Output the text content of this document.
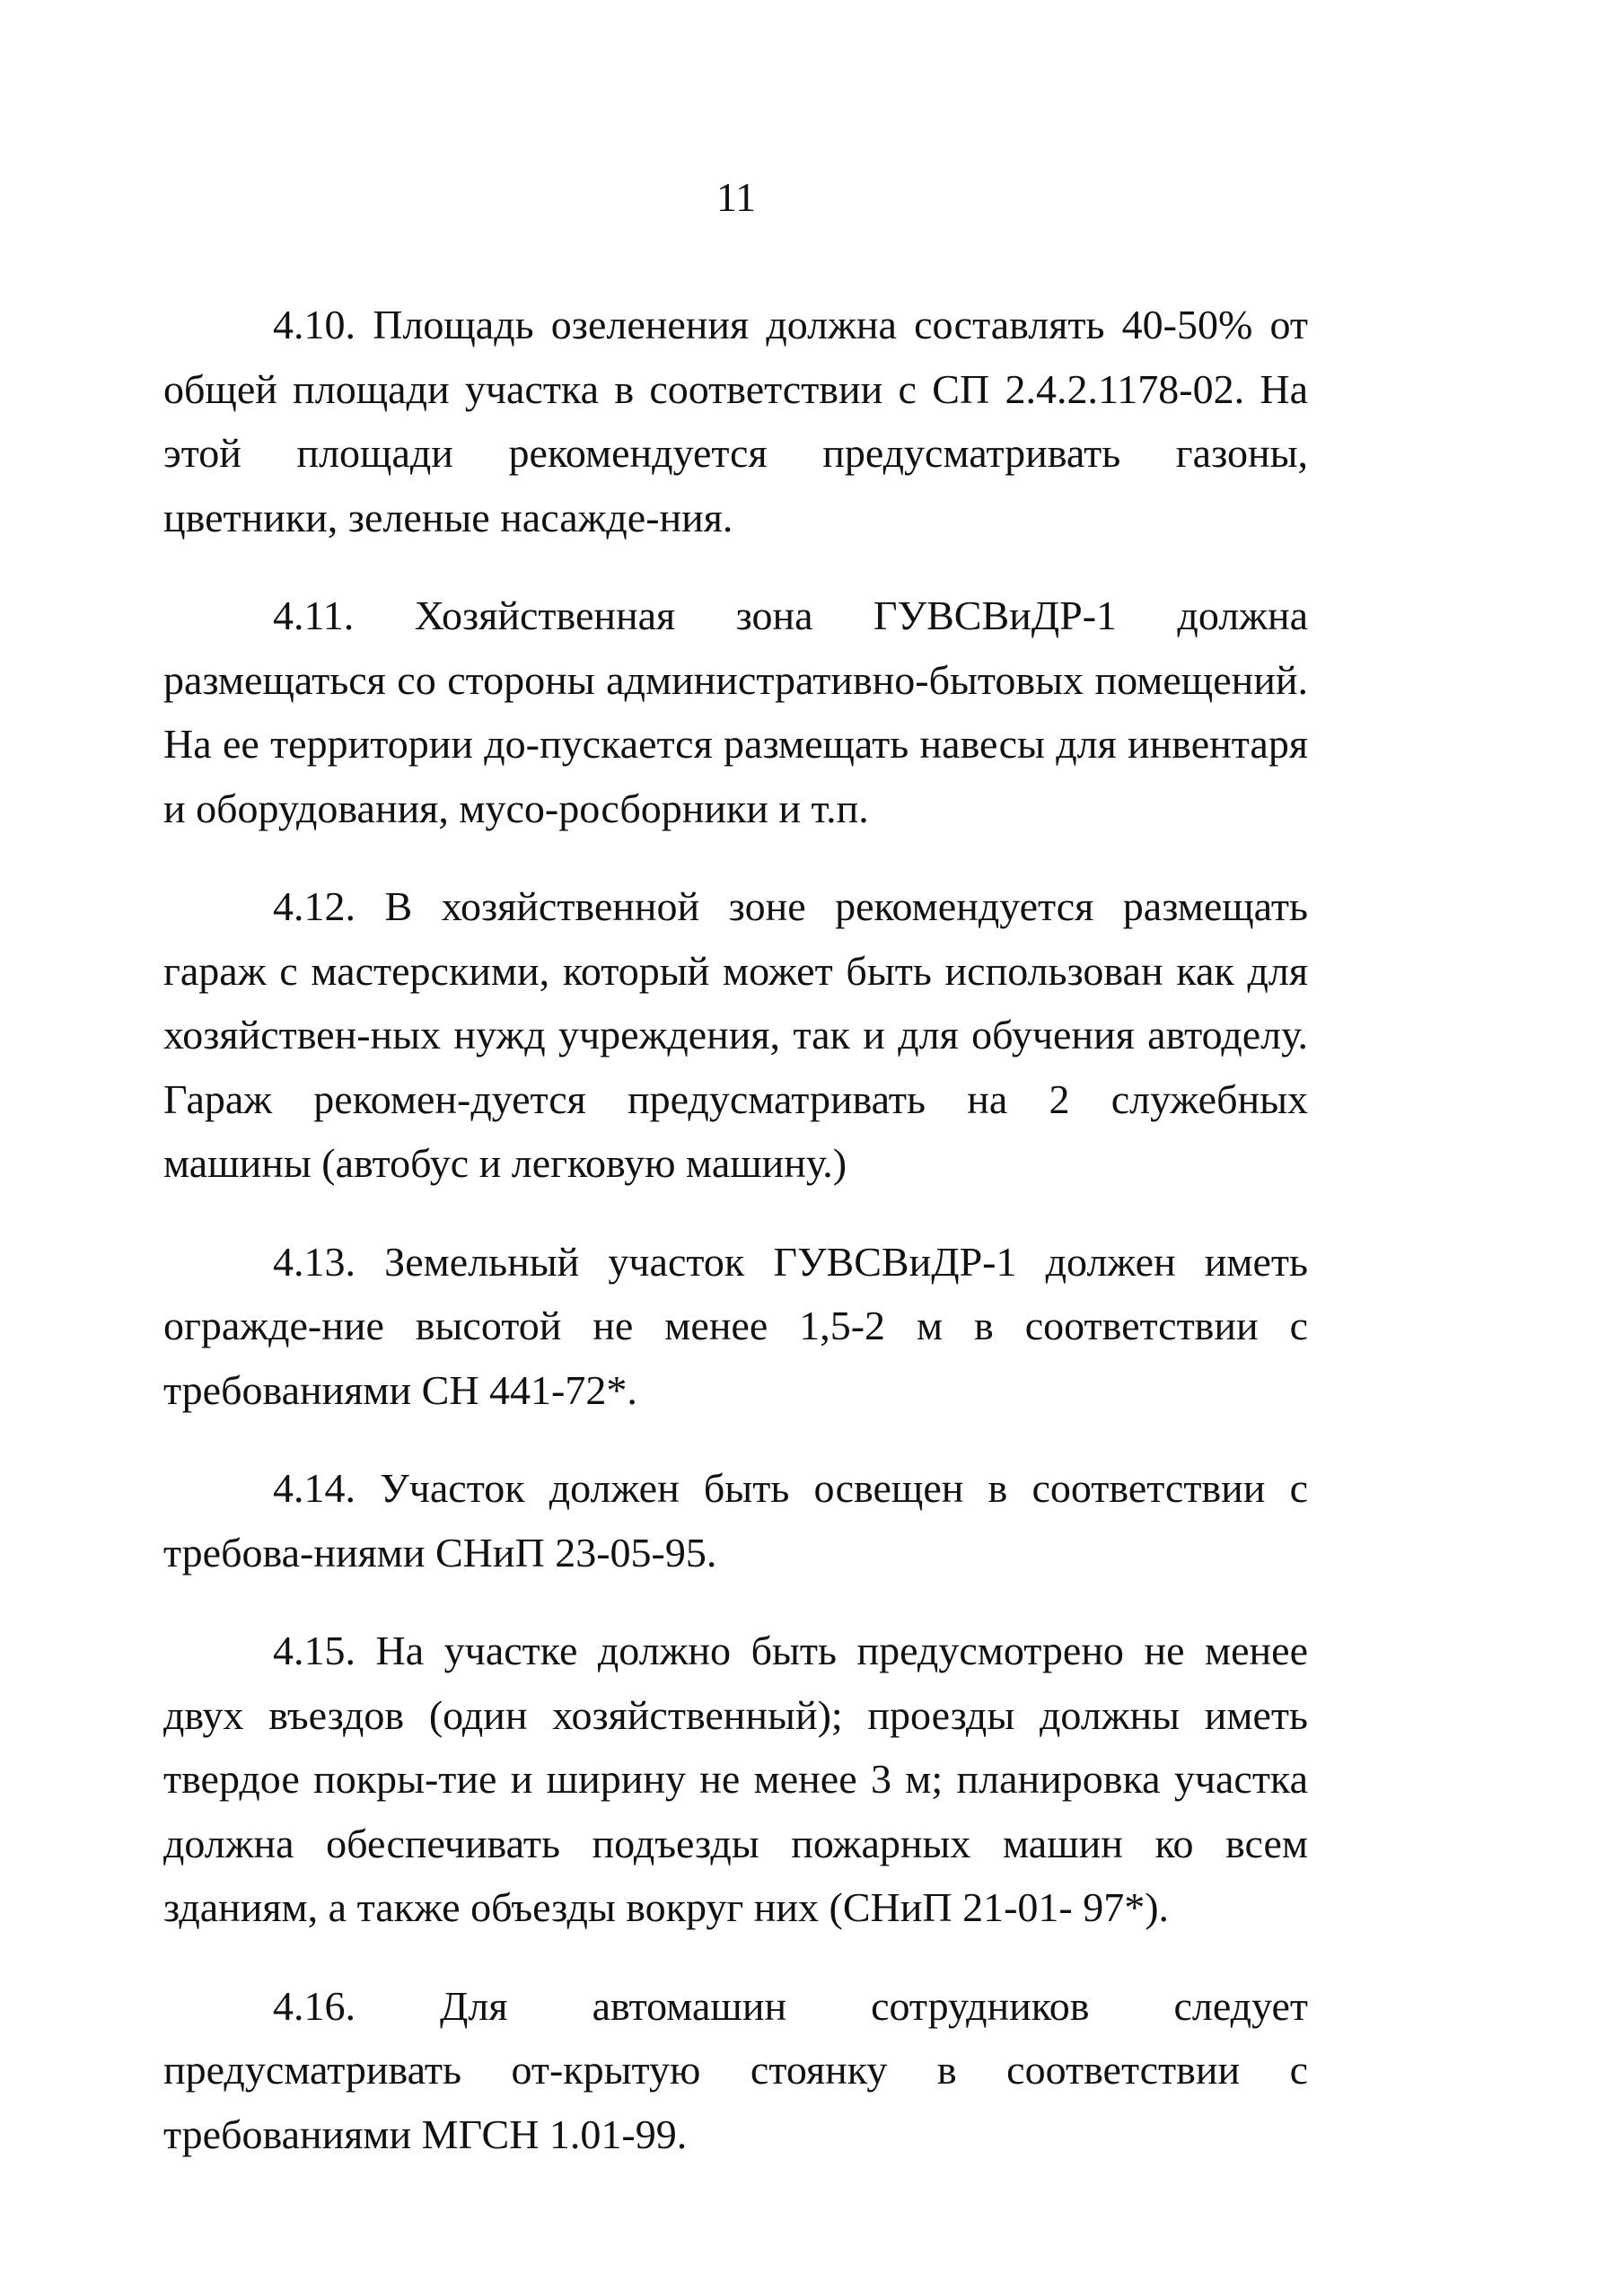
11

4.10. Площадь озеленения должна составлять 40-50% от общей площади участка в соответствии с СП 2.4.2.1178-02. На этой площади рекомендуется предусматривать газоны, цветники, зеленые насажде-ния.

4.11. Хозяйственная зона ГУВСВиДР-1 должна размещаться со стороны административно-бытовых помещений. На ее территории до-пускается размещать навесы для инвентаря и оборудования, мусо-росборники и т.п.

4.12. В хозяйственной зоне рекомендуется размещать гараж с мастерскими, который может быть использован как для хозяйствен-ных нужд учреждения, так и для обучения автоделу. Гараж рекомен-дуется предусматривать на 2 служебных машины (автобус и легковую машину.)

4.13. Земельный участок ГУВСВиДР-1 должен иметь огражде-ние высотой не менее 1,5-2 м в соответствии с требованиями СН 441-72*.

4.14. Участок должен быть освещен в соответствии с требова-ниями СНиП 23-05-95.

4.15. На участке должно быть предусмотрено не менее двух въездов (один хозяйственный); проезды должны иметь твердое покры-тие и ширину не менее 3 м; планировка участка должна обеспечивать подъезды пожарных машин ко всем зданиям, а также объезды вокруг них (СНиП 21-01- 97*).

4.16. Для автомашин сотрудников следует предусматривать от-крытую стоянку в соответствии с требованиями МГСН 1.01-99.
